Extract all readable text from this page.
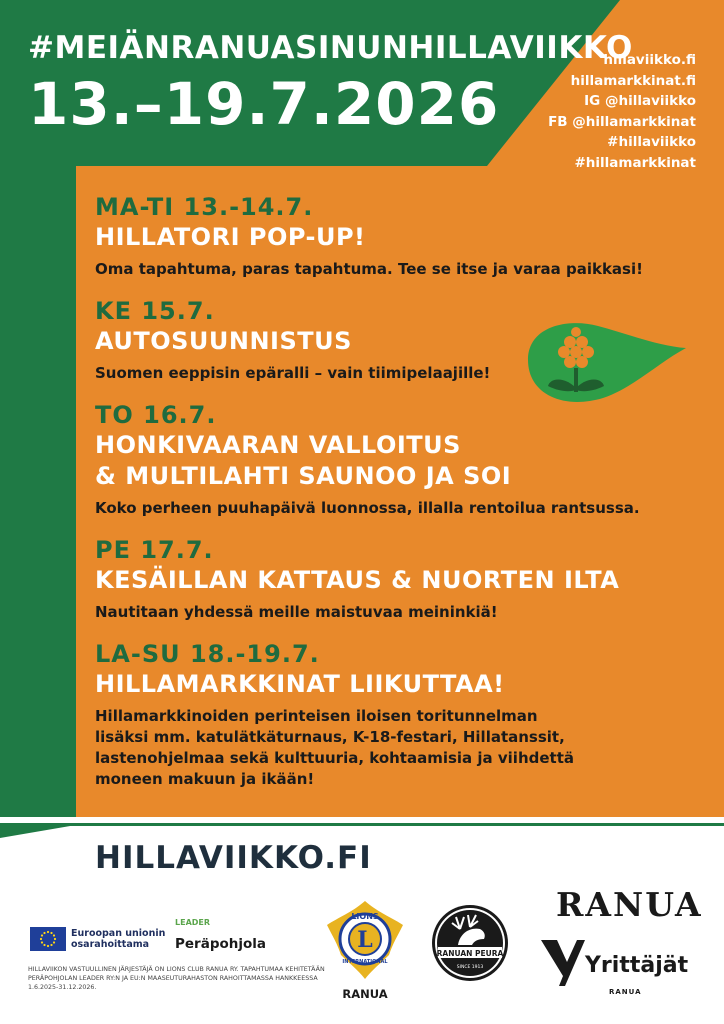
#MEIÄNRANUASINUNHILLAVIIKKO
13.–19.7.2026
hillaviikko.fi
hillamarkkinat.fi
IG @hillaviikko
FB @hillamarkkinat
#hillaviikko
#hillamarkkinat
MA-TI 13.-14.7.
HILLATORI POP-UP!
Oma tapahtuma, paras tapahtuma. Tee se itse ja varaa paikkasi!
KE 15.7.
AUTOSUUNNISTUS
Suomen eeppisin epäralli – vain tiimipelaajille!
TO 16.7.
HONKIVAARAN VALLOITUS
& MULTILAHTI SAUNOO JA SOI
Koko perheen puuhapäivä luonnossa, illalla rentoilua rantsussa.
PE 17.7.
KESÄILLAN KATTAUS & NUORTEN ILTA
Nautitaan yhdessä meille maistuvaa meininkiä!
LA-SU 18.-19.7.
HILLAMARKKINAT LIIKUTTAA!
Hillamarkkinoiden perinteisen iloisen toritunnelman lisäksi mm. katulätkäturnaus, K-18-festari, Hillatanssit, lastenohjelmaa sekä kulttuuria, kohtaamisia ja viihdettä moneen makuun ja ikään!
HILLAVIIKKO.FI
Euroopan unionin
osarahoittama
LEADER
Peräpohjola
HILLAVIIKON VASTUULLINEN JÄRJESTÄJÄ ON LIONS CLUB RANUA RY. TAPAHTUMAA KEHITETÄÄN PERÄPOHJOLAN LEADER RY:N JA EU:N MAASEUTURAHASTON RAHOITTAMASSA HANKKEESSA 1.6.2025-31.12.2026.
L
LIONS
INTERNATIONAL
RANUA
RANUAN PEURA
SINCE 1913
RANUA
Yrittäjät
RANUA
